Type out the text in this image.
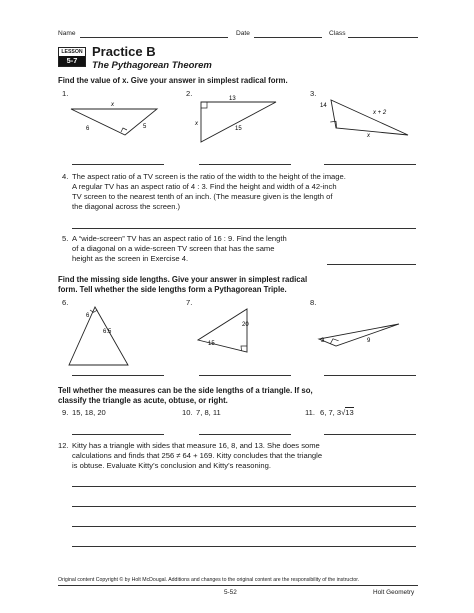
Name	Date	Class
LESSON
5-7
Practice B
The Pythagorean Theorem
Find the value of x. Give your answer in simplest radical form.
1.	2.	3.
x
6	5
13
x
15
14
x + 2
x
4. The aspect ratio of a TV screen is the ratio of the width to the height of the image.
A regular TV has an aspect ratio of 4 : 3. Find the height and width of a 42-inch
TV screen to the nearest tenth of an inch. (The measure given is the length of
the diagonal across the screen.)
5. A “wide-screen” TV has an aspect ratio of 16 : 9. Find the length
of a diagonal on a wide-screen TV screen that has the same
height as the screen in Exercise 4.
Find the missing side lengths. Give your answer in simplest radical
form. Tell whether the side lengths form a Pythagorean Triple.
6.	7.	8.
6
6.5
20
15	9
3
Tell whether the measures can be the side lengths of a triangle. If so,
classify the triangle as acute, obtuse, or right.
9. 15, 18, 20	10. 7, 8, 11	11. 6, 7, 3√13
12. Kitty has a triangle with sides that measure 16, 8, and 13. She does some
calculations and finds that 256 ≠ 64 + 169. Kitty concludes that the triangle
is obtuse. Evaluate Kitty’s conclusion and Kitty’s reasoning.
Original content Copyright © by Holt McDougal. Additions and changes to the original content are the responsibility of the instructor.
5-52	Holt Geometry
